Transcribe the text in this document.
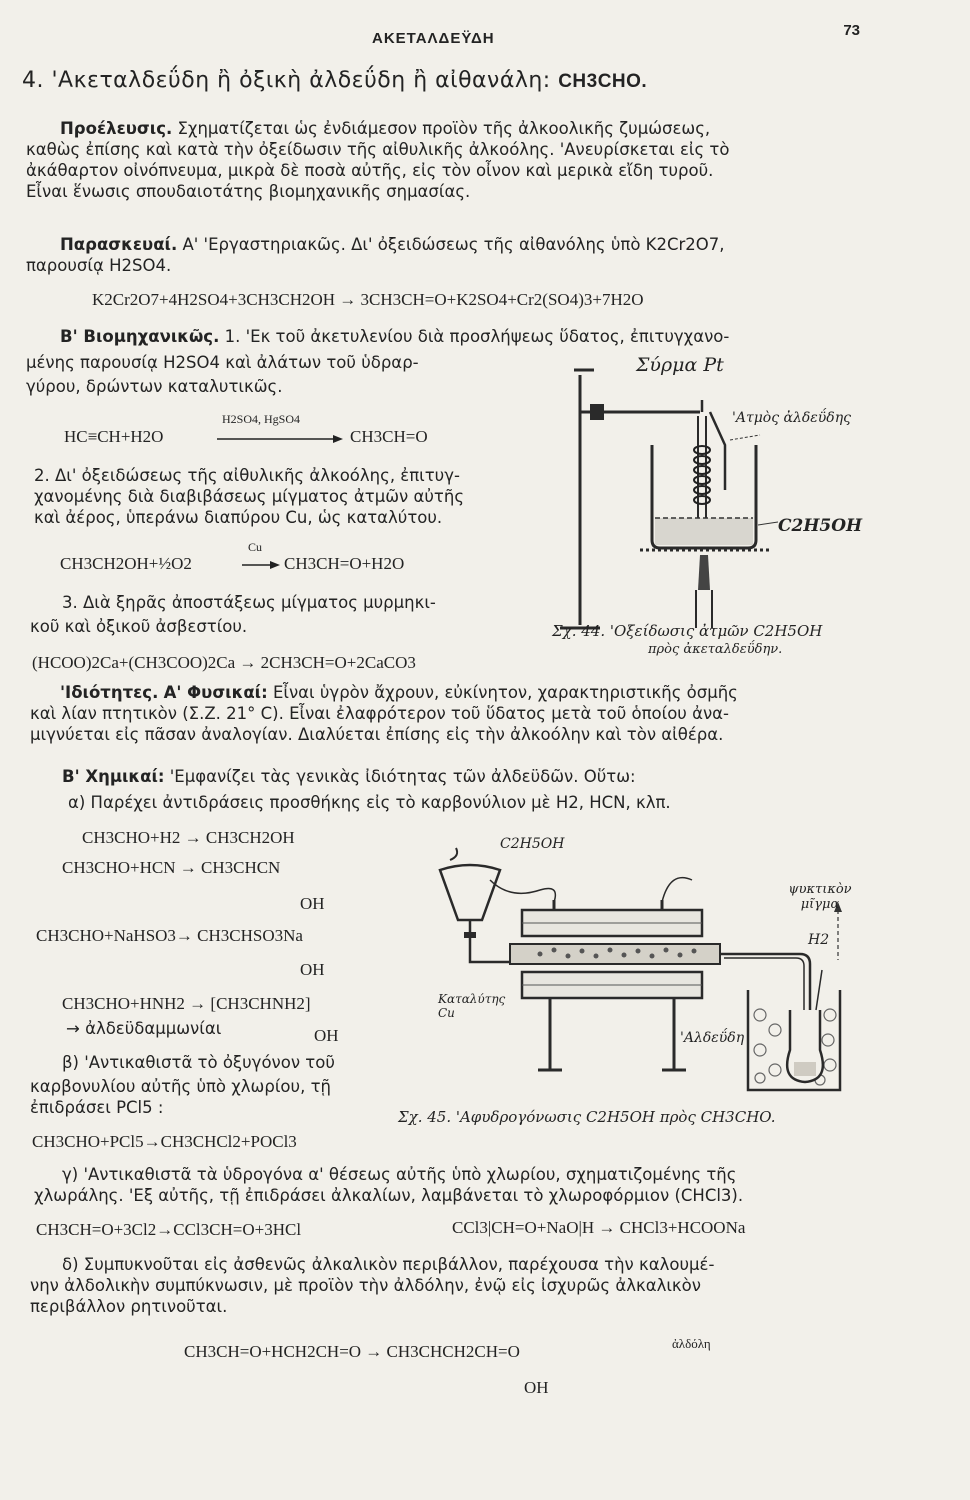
ΑΚΕΤΑΛΔΕΫΔΗ	73
4. 'Ακεταλδεΰδη ἢ ὀξικὴ ἀλδεΰδη ἢ αἰθανάλη: CH3CHO.
Προέλευσις. Σχηματίζεται ὡς ἐνδιάμεσον προϊὸν τῆς ἀλκοολικῆς ζυμώσεως,
καθὼς ἐπίσης καὶ κατὰ τὴν ὀξείδωσιν τῆς αἰθυλικῆς ἀλκοόλης. 'Ανευρίσκεται εἰς τὸ
ἀκάθαρτον οἰνόπνευμα, μικρὰ δὲ ποσὰ αὐτῆς, εἰς τὸν οἶνον καὶ μερικὰ εἴδη τυροῦ.
Εἶναι ἕνωσις σπουδαιοτάτης βιομηχανικῆς σημασίας.
Παρασκευαί. Α' 'Εργαστηριακῶς. Δι' ὀξειδώσεως τῆς αἰθανόλης ὑπὸ K2Cr2O7,
παρουσίᾳ H2SO4.
K2Cr2O7+4H2SO4+3CH3CH2OH → 3CH3CH=O+K2SO4+Cr2(SO4)3+7H2O
Β' Βιομηχανικῶς. 1. 'Εκ τοῦ ἀκετυλενίου διὰ προσλήψεως ὕδατος, ἐπιτυγχανο-
μένης παρουσίᾳ H2SO4 καὶ ἀλάτων τοῦ ὑδραρ-
γύρου, δρώντων καταλυτικῶς.
H2SO4, HgSO4
HC≡CH+H2O	CH3CH=O
2. Δι' ὀξειδώσεως τῆς αἰθυλικῆς ἀλκοόλης, ἐπιτυγ-
χανομένης διὰ διαβιβάσεως μίγματος ἀτμῶν αὐτῆς
καὶ ἀέρος, ὑπεράνω διαπύρου Cu, ὡς καταλύτου.
Cu
CH3CH2OH+½O2	CH3CH=O+H2O
3. Διὰ ξηρᾶς ἀποστάξεως μίγματος μυρμηκι-
κοῦ καὶ ὀξικοῦ ἀσβεστίου.
(HCOO)2Ca+(CH3COO)2Ca → 2CH3CH=O+2CaCO3
Σύρμα Pt
'Ατμὸς ἀλδεΰδης
C2H5OH
Σχ. 44. 'Οξείδωσις ἀτμῶν C2H5OH
πρὸς ἀκεταλδεΰδην.
'Ιδιότητες. Α' Φυσικαί: Εἶναι ὑγρὸν ἄχρουν, εὐκίνητον, χαρακτηριστικῆς ὀσμῆς
καὶ λίαν πτητικὸν (Σ.Ζ. 21° C). Εἶναι ἐλαφρότερον τοῦ ὕδατος μετὰ τοῦ ὁποίου ἀνα-
μιγνύεται εἰς πᾶσαν ἀναλογίαν. Διαλύεται ἐπίσης εἰς τὴν ἀλκοόλην καὶ τὸν αἰθέρα.
Β' Χημικαί: 'Εμφανίζει τὰς γενικὰς ἰδιότητας τῶν ἀλδεϋδῶν. Οὕτω:
α) Παρέχει ἀντιδράσεις προσθήκης εἰς τὸ καρβονύλιον μὲ H2, HCN, κλπ.
CH3CHO+H2 → CH3CH2OH
CH3CHO+HCN → CH3CHCN
OH
CH3CHO+NaHSO3→ CH3CHSO3Na
OH
CH3CHO+HNH2 → [CH3CHNH2]
→ ἀλδεϋδαμμωνίαι	OH
β) 'Αντικαθιστᾶ τὸ ὀξυγόνον τοῦ
καρβονυλίου αὐτῆς ὑπὸ χλωρίου, τῇ
ἐπιδράσει PCl5 :
CH3CHO+PCl5→CH3CHCl2+POCl3
C2H5OH
ψυκτικὸν μῖγμα
H2
Καταλύτης Cu
'Αλδεΰδη
Σχ. 45. 'Αφυδρογόνωσις C2H5OH πρὸς CH3CHO.
γ) 'Αντικαθιστᾶ τὰ ὑδρογόνα α' θέσεως αὐτῆς ὑπὸ χλωρίου, σχηματιζομένης τῆς
χλωράλης. 'Εξ αὐτῆς, τῇ ἐπιδράσει ἀλκαλίων, λαμβάνεται τὸ χλωροφόρμιον (CHCl3).
CH3CH=O+3Cl2→CCl3CH=O+3HCl	CCl3|CH=O+NaO|H → CHCl3+HCOONa
δ) Συμπυκνοῦται εἰς ἀσθενῶς ἀλκαλικὸν περιβάλλον, παρέχουσα τὴν καλουμέ-
νην ἀλδολικὴν συμπύκνωσιν, μὲ προϊὸν τὴν ἀλδόλην, ἐνῷ εἰς ἰσχυρῶς ἀλκαλικὸν
περιβάλλον ρητινοῦται.
CH3CH=O+HCH2CH=O → CH3CHCH2CH=O	ἀλδόλη
OH
